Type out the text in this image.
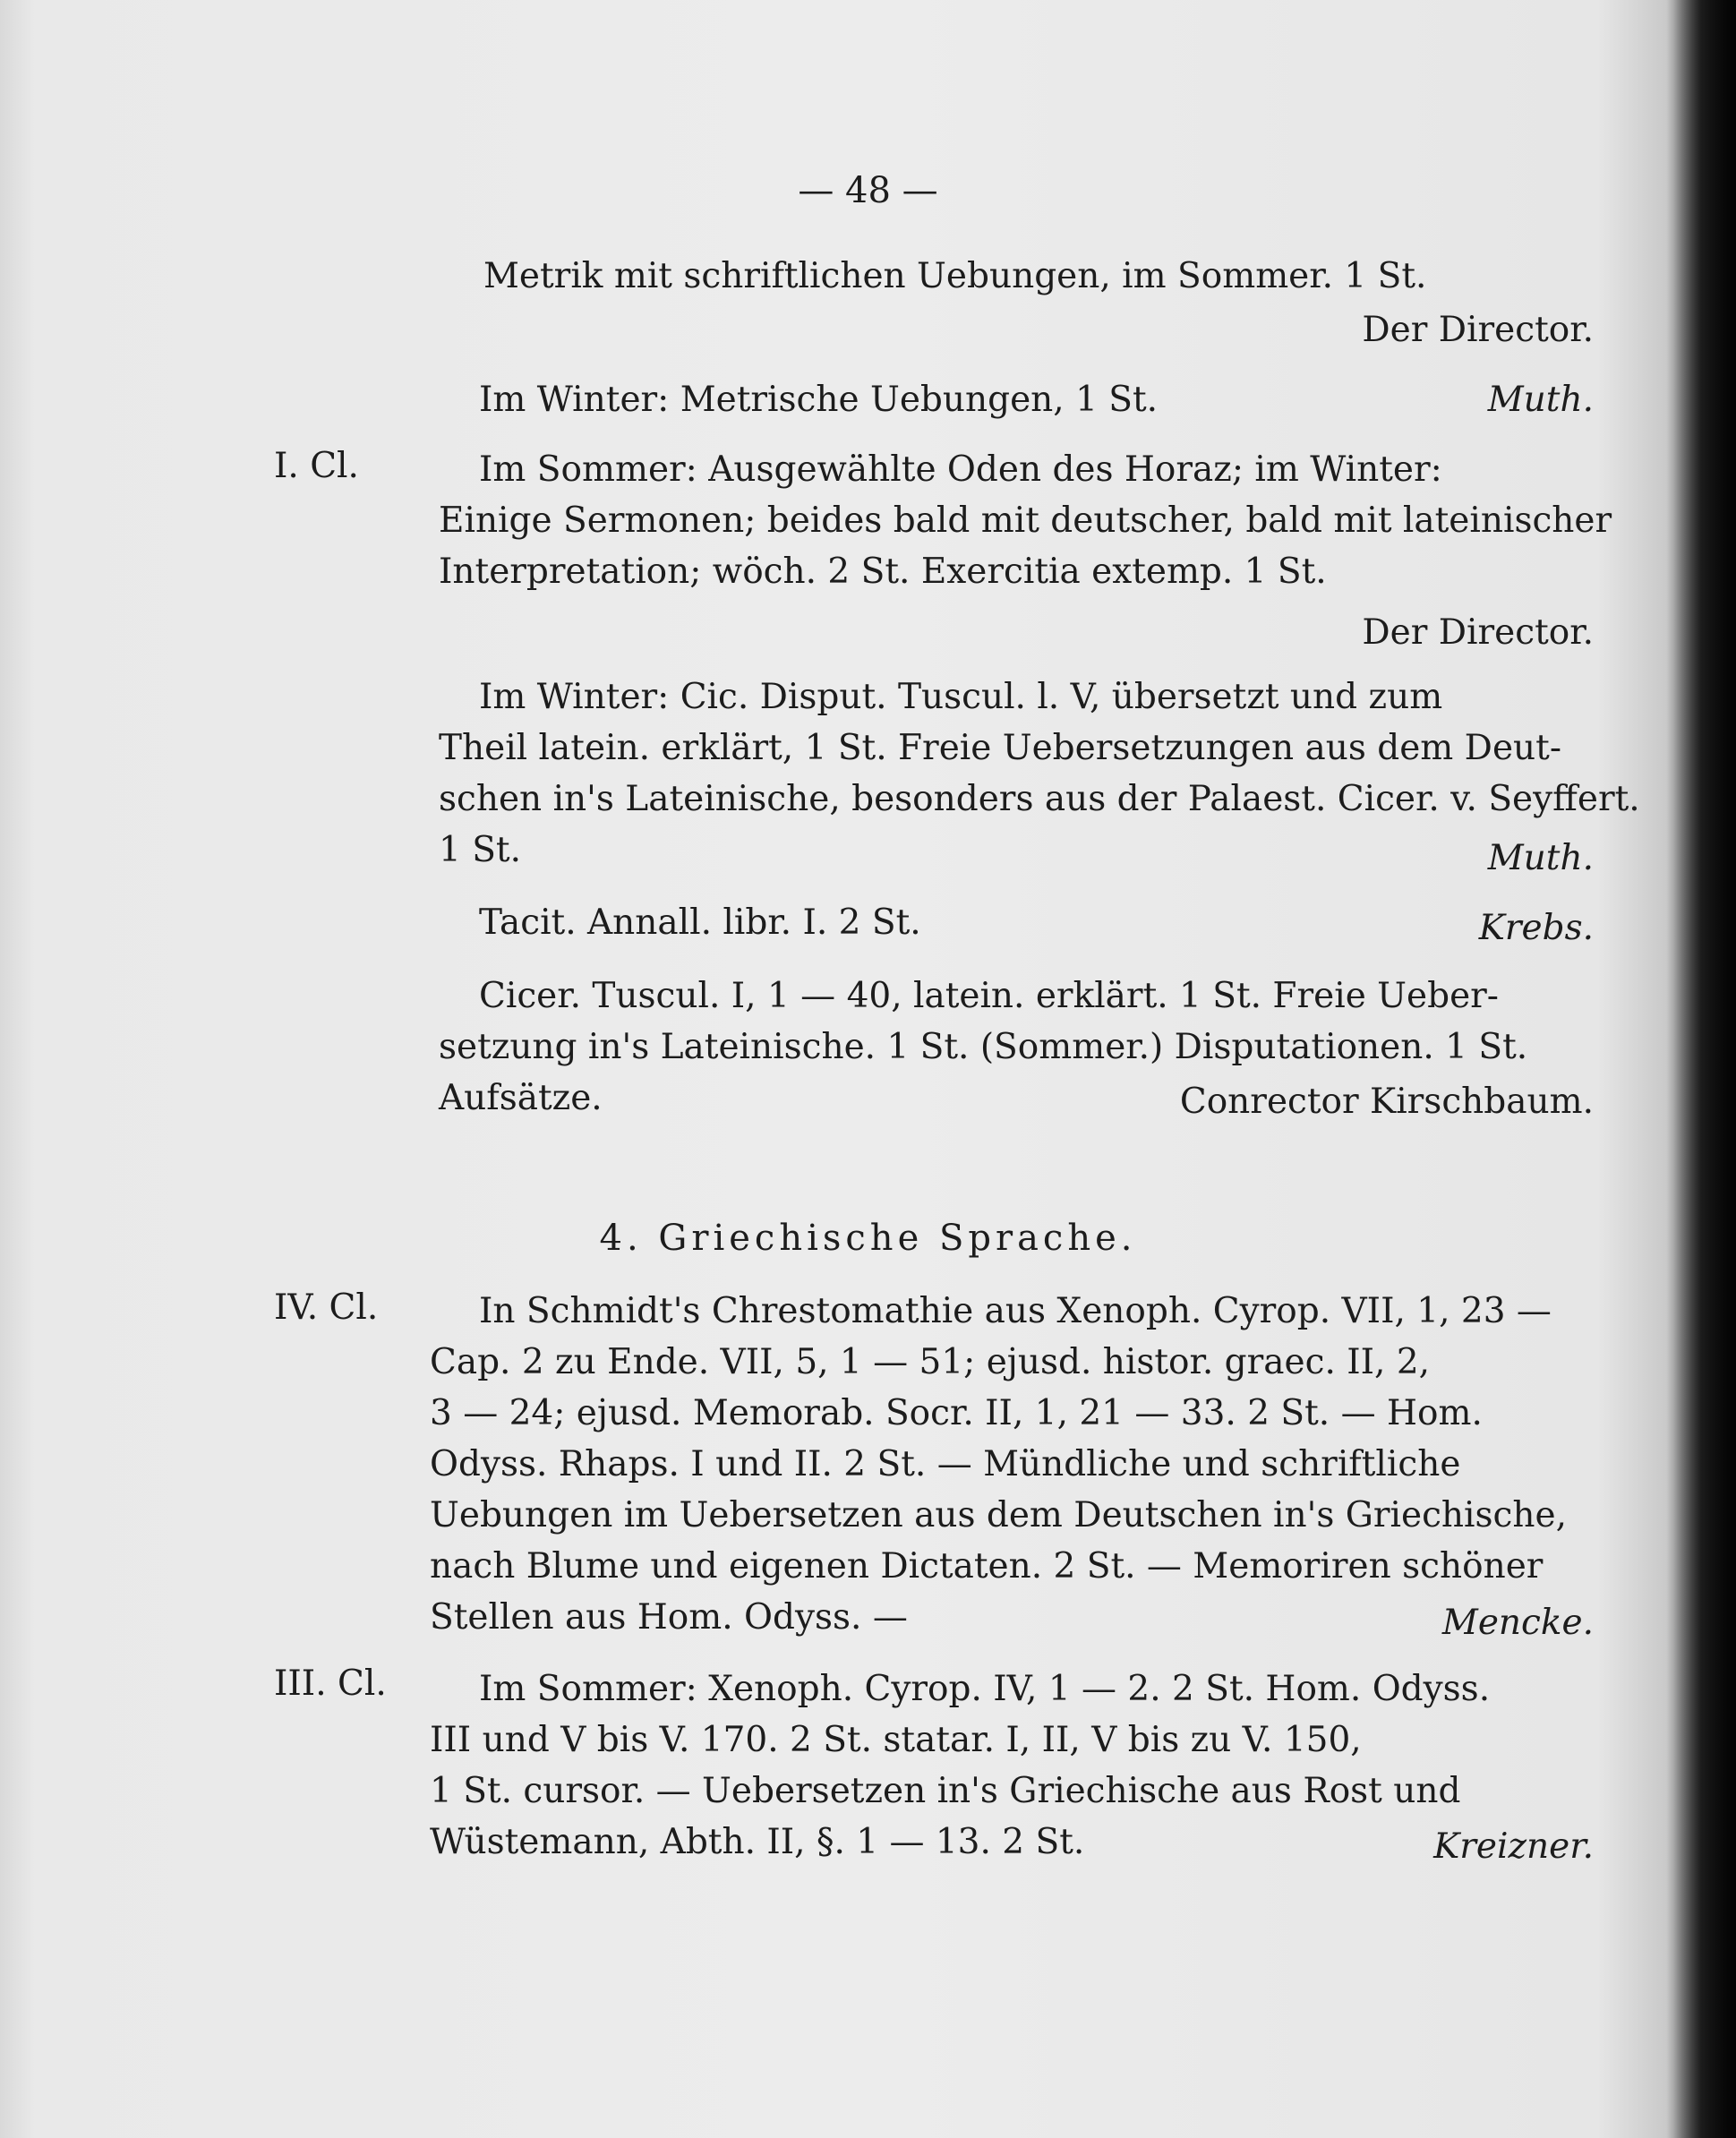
— 48 —
Metrik mit schriftlichen Uebungen, im Sommer. 1 St.
Der Director.
Im Winter: Metrische Uebungen, 1 St.	Muth.
I. Cl.	Im Sommer: Ausgewählte Oden des Horaz; im Winter:
Einige Sermonen; beides bald mit deutscher, bald mit lateinischer
Interpretation; wöch. 2 St. Exercitia extemp. 1 St.
Der Director.
Im Winter: Cic. Disput. Tuscul. l. V, übersetzt und zum
Theil latein. erklärt, 1 St. Freie Uebersetzungen aus dem Deut-
schen in's Lateinische, besonders aus der Palaest. Cicer. v. Seyffert.
1 St.	Muth.
Tacit. Annall. libr. I. 2 St.	Krebs.
Cicer. Tuscul. I, 1 — 40, latein. erklärt. 1 St. Freie Ueber-
setzung in's Lateinische. 1 St. (Sommer.) Disputationen. 1 St.
Aufsätze.	Conrector Kirschbaum.
4. Griechische Sprache.
IV. Cl.	In Schmidt's Chrestomathie aus Xenoph. Cyrop. VII, 1, 23 —
Cap. 2 zu Ende. VII, 5, 1 — 51; ejusd. histor. graec. II, 2,
3 — 24; ejusd. Memorab. Socr. II, 1, 21 — 33. 2 St. — Hom.
Odyss. Rhaps. I und II. 2 St. — Mündliche und schriftliche
Uebungen im Uebersetzen aus dem Deutschen in's Griechische,
nach Blume und eigenen Dictaten. 2 St. — Memoriren schöner
Stellen aus Hom. Odyss. —	Mencke.
III. Cl.	Im Sommer: Xenoph. Cyrop. IV, 1 — 2. 2 St. Hom. Odyss.
III und V bis V. 170. 2 St. statar. I, II, V bis zu V. 150,
1 St. cursor. — Uebersetzen in's Griechische aus Rost und
Wüstemann, Abth. II, §. 1 — 13. 2 St.	Kreizner.
